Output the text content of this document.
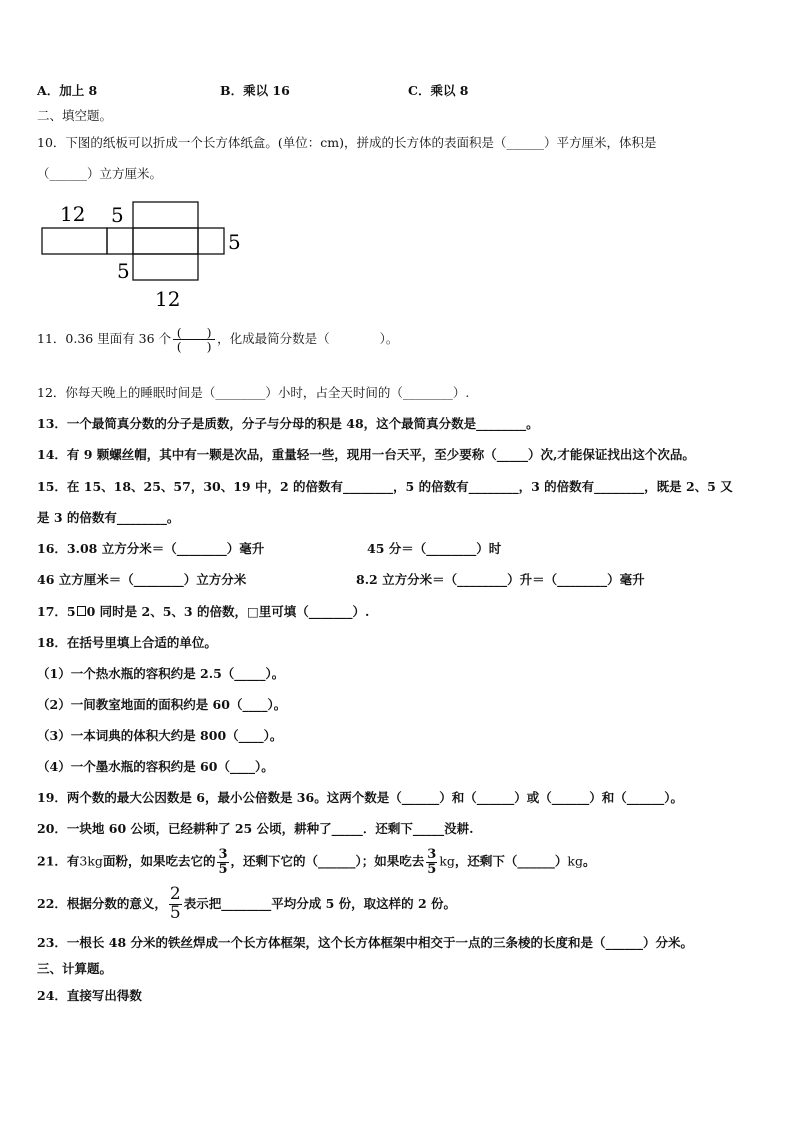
A．加上 8	B．乘以 16	C．乘以 8
二、填空题。
10．下图的纸板可以折成一个长方体纸盒。(单位：cm)，拼成的长方体的表面积是（______）平方厘米，体积是
（______）立方厘米。
12 5
5
5
12
11．0.36 里面有 36 个 $\frac{( )}{( )}$ ，化成最简分数是（　　　　）。
12．你每天晚上的睡眠时间是（________）小时，占全天时间的（________）.
13．一个最简真分数的分子是质数，分子与分母的积是 48，这个最简真分数是________。
14．有 9 颗螺丝帽，其中有一颗是次品，重量轻一些，现用一台天平，至少要称（_____）次,才能保证找出这个次品。
15．在 15、18、25、57，30、19 中，2 的倍数有________，5 的倍数有________，3 的倍数有________，既是 2、5 又
是 3 的倍数有________。
16．3.08 立方分米＝（________）毫升	45 分＝（________）时
46 立方厘米＝（________）立方分米	8.2 立方分米＝（________）升＝（________）毫升
17．5 0 同时是 2、5、3 的倍数，□里可填（_______）.
18．在括号里填上合适的单位。
（1）一个热水瓶的容积约是 2.5（_____）。
（2）一间教室地面的面积约是 60（____）。
（3）一本词典的体积大约是 800（____）。
（4）一个墨水瓶的容积约是 60（____）。
19．两个数的最大公因数是 6，最小公倍数是 36。这两个数是（______）和（______）或（______）和（______）。
20．一块地 60 公顷，已经耕种了 25 公顷，耕种了_____．还剩下_____没耕.
21．有3kg面粉，如果吃去它的 $\frac{3}{5}$ ，还剩下它的（______）；如果吃去 $\frac{3}{5}$ kg，还剩下（______）kg。
22．根据分数的意义， $\frac{2}{5}$ 表示把________平均分成 5 份，取这样的 2 份。
23．一根长 48 分米的铁丝焊成一个长方体框架，这个长方体框架中相交于一点的三条棱的长度和是（______）分米。
三、计算题。
24．直接写出得数
